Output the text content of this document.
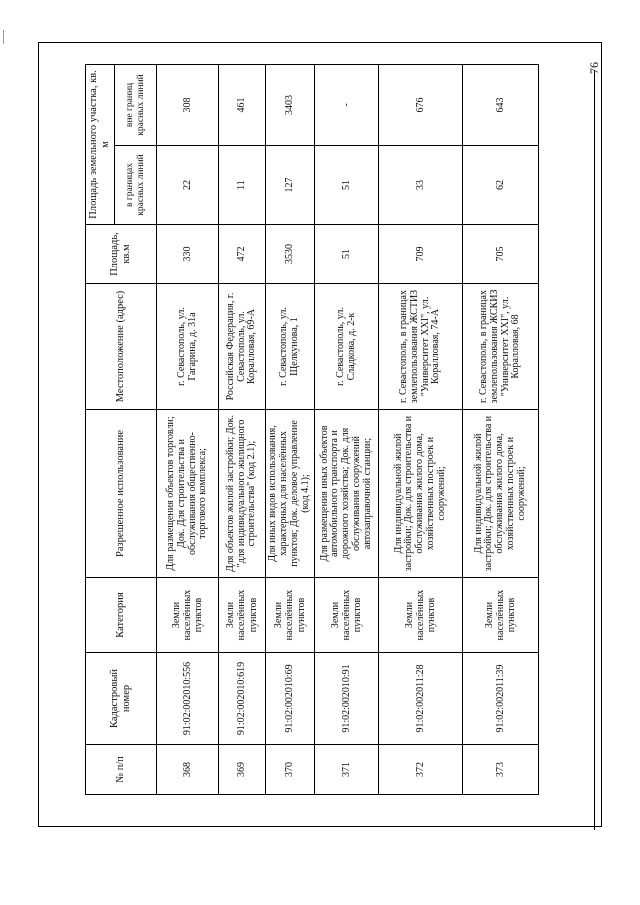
76
№ п/п	Кадастровый номер	Категория	Разрешенное использование	Местоположение (адрес)	Площадь, кв.м	Площадь земельного участка, кв. м	
						в границах красных линий	вне границ красных линий
368	91:02:002010:556	Земли населённых пунктов	Для размещения объектов торговли; Док. Для строительства и обслуживания общественно-торгового комплекса;	г. Севастополь, ул. Гагарина, д. 31а	330	22	308
369	91:02:002010:619	Земли населённых пунктов	Для объектов жилой застройки; Док. "для индивидуального жилищного строительства" (код 2.1);	Российская Федерация, г. Севастополь, ул. Коралловая, 69-А	472	11	461
370	91:02:002010:69	Земли населённых пунктов	Для иных видов использования, характерных для населённых пунктов; Док. деловое управление (код 4.1);	г. Севастополь, ул. Щелкунова, 1	3530	127	3403
371	91:02:002010:91	Земли населённых пунктов	Для размещения иных объектов автомобильного транспорта и дорожного хозяйства; Док. для обслуживания сооружений автозаправочной станции;	г. Севастополь, ул. Сладкова, д. 2-к	51	51	-
372	91:02:002011:28	Земли населённых пунктов	Для индивидуальной жилой застройки; Док. для строительства и обслуживания жилого дома, хозяйственных построек и сооружений;	г. Севастополь, в границах землепользования ЖСТИЗ "Университет XXI", ул. Коралловая, 74-А	709	33	676
373	91:02:002011:39	Земли населённых пунктов	Для индивидуальной жилой застройки; Док. для строительства и обслуживания жилого дома, хозяйственных построек и сооружений;	г. Севастополь, в границах землепользования ЖСКИЗ "Университет XXI", ул. Коралловая, 68	705	62	643
